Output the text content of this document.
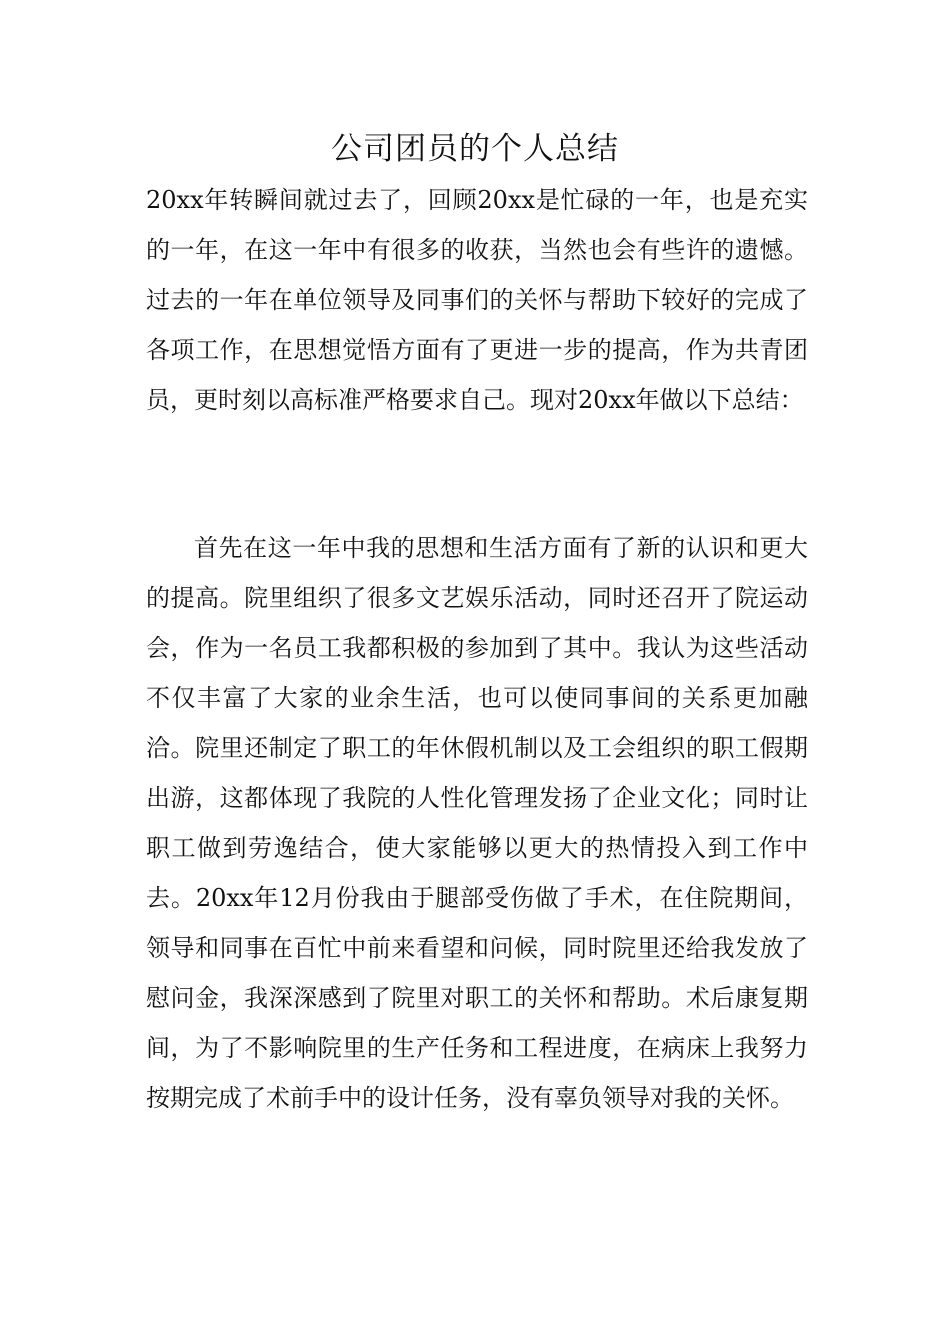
公司团员的个人总结

20xx年转瞬间就过去了，回顾20xx是忙碌的一年，也是充实的一年，在这一年中有很多的收获，当然也会有些许的遗憾。过去的一年在单位领导及同事们的关怀与帮助下较好的完成了各项工作，在思想觉悟方面有了更进一步的提高，作为共青团员，更时刻以高标准严格要求自己。现对20xx年做以下总结：

首先在这一年中我的思想和生活方面有了新的认识和更大的提高。院里组织了很多文艺娱乐活动，同时还召开了院运动会，作为一名员工我都积极的参加到了其中。我认为这些活动不仅丰富了大家的业余生活，也可以使同事间的关系更加融洽。院里还制定了职工的年休假机制以及工会组织的职工假期出游，这都体现了我院的人性化管理发扬了企业文化；同时让职工做到劳逸结合，使大家能够以更大的热情投入到工作中去。20xx年12月份我由于腿部受伤做了手术，在住院期间，领导和同事在百忙中前来看望和问候，同时院里还给我发放了慰问金，我深深感到了院里对职工的关怀和帮助。术后康复期间，为了不影响院里的生产任务和工程进度，在病床上我努力按期完成了术前手中的设计任务，没有辜负领导对我的关怀。
